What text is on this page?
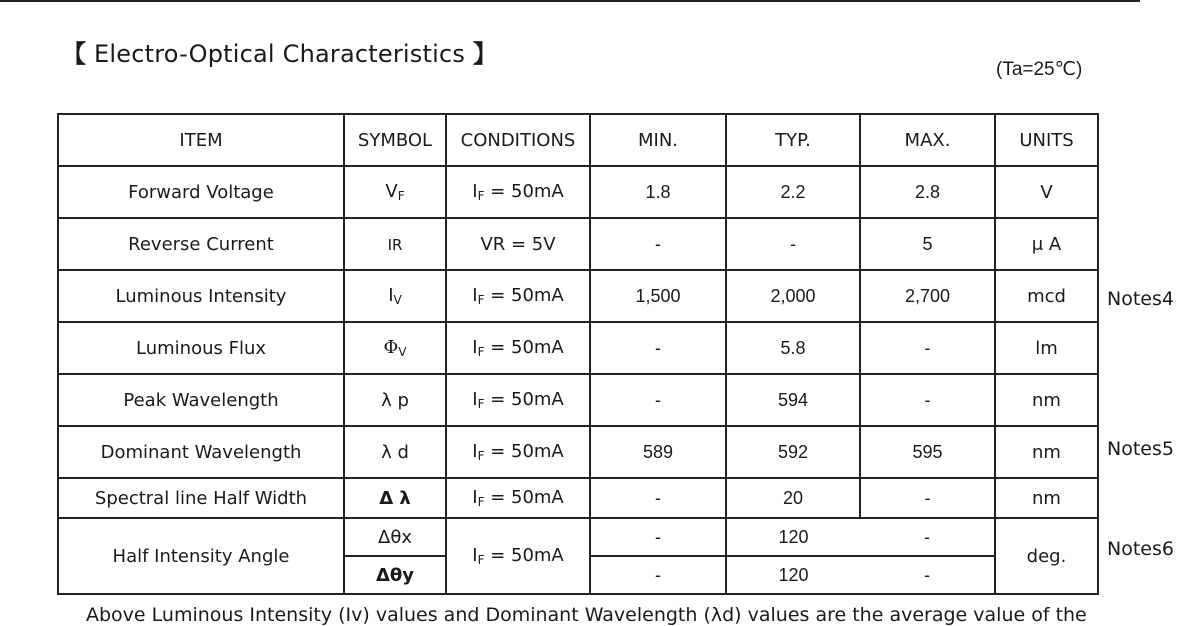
【 Electro-Optical Characteristics 】
(Ta=25℃)
ITEM	SYMBOL	CONDITIONS	MIN.	TYP.	MAX.	UNITS
Forward Voltage	$V_F$	$I_F = 50mA$	1.8	2.2	2.8	V
Reverse Current	IR	VR = 5V	-	-	5	μ A
Luminous Intensity	$I_V$	$I_F = 50mA$	1,500	2,000	2,700	mcd
Luminous Flux	$\Phi_V$	$I_F = 50mA$	-	5.8	-	lm
Peak Wavelength	λ p	$I_F = 50mA$	-	594	-	nm
Dominant Wavelength	λ d	$I_F = 50mA$	589	592	595	nm
Spectral line Half Width	Δ λ	$I_F = 50mA$	-	20	-	nm
Half Intensity Angle	Δθx	$I_F = 50mA$	-	120	-	deg.
	Δθy		-	120	-	
Notes4
Notes5
Notes6
Above Luminous Intensity (Iv) values and Dominant Wavelength (λd) values are the average value of the
